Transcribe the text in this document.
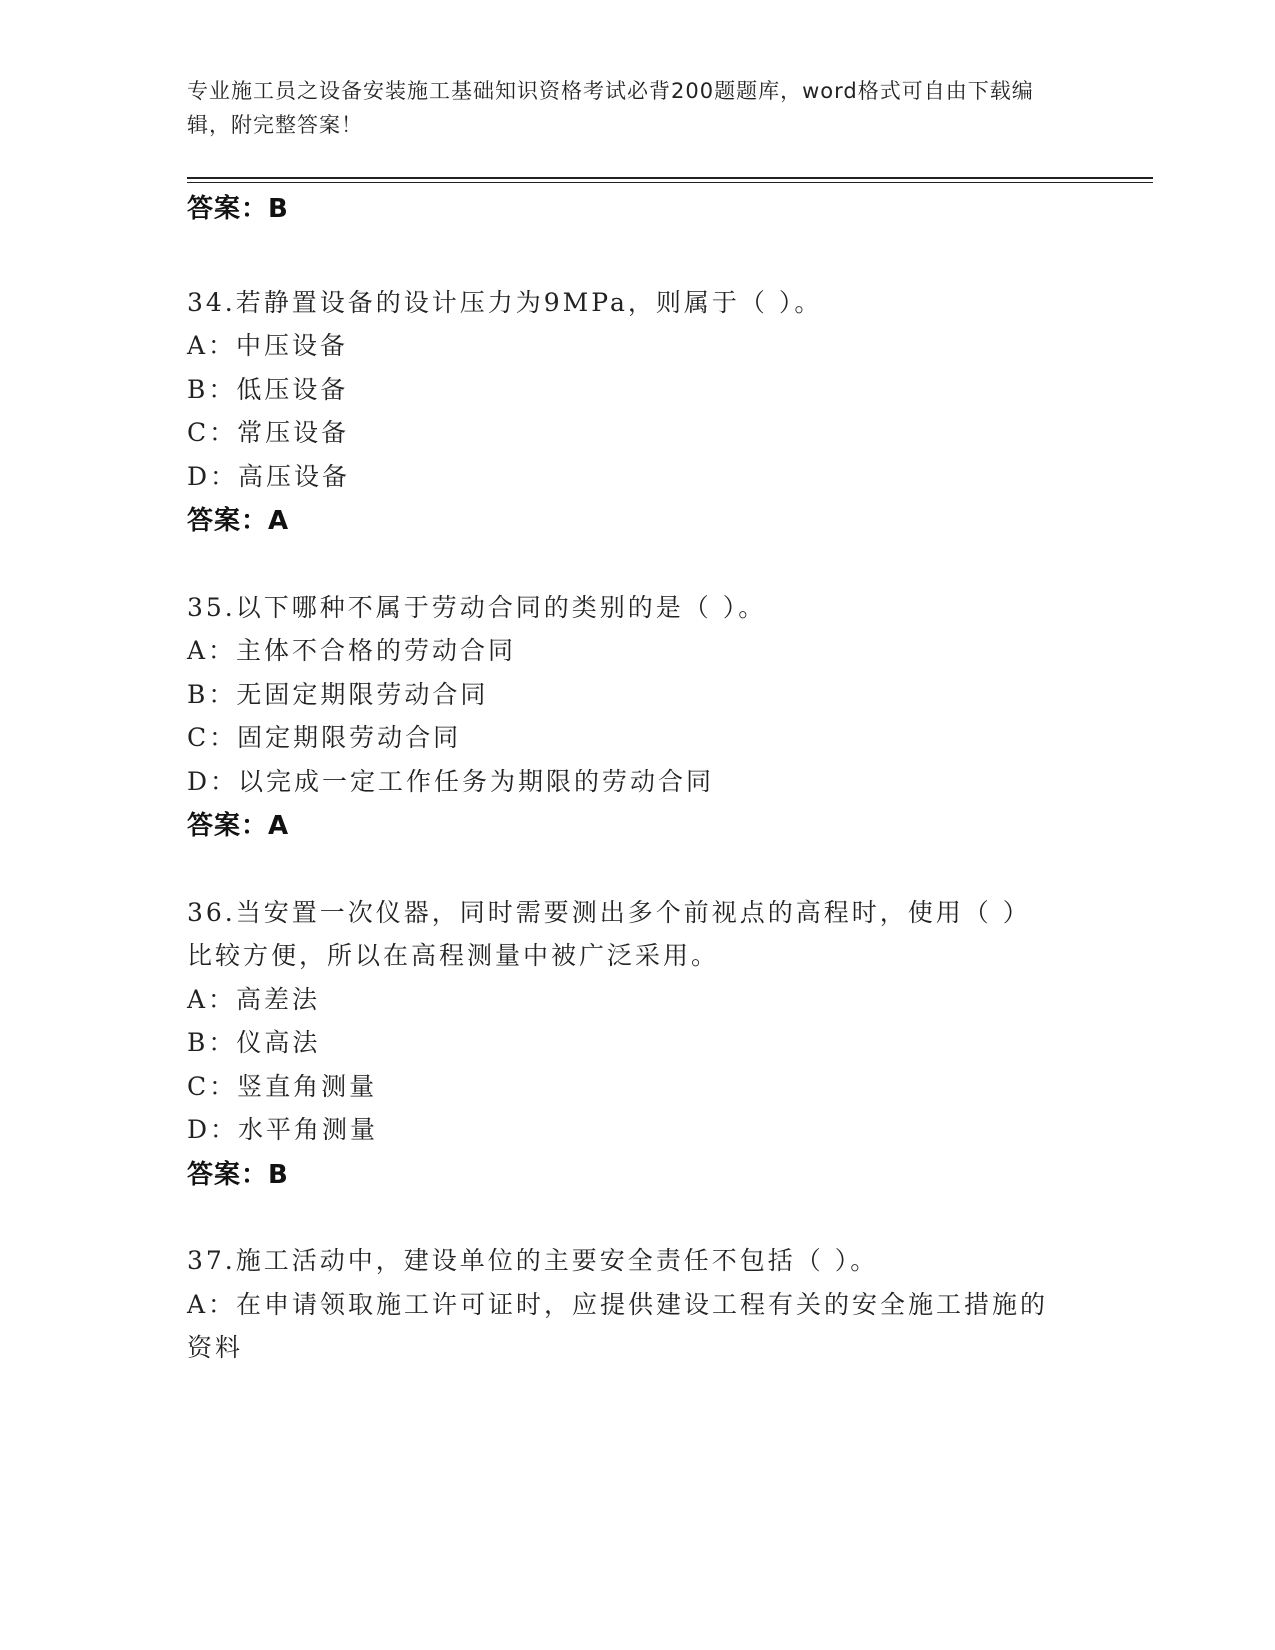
专业施工员之设备安装施工基础知识资格考试必背200题题库，word格式可自由下载编辑，附完整答案！
答案：B
34.若静置设备的设计压力为9MPa，则属于（ ）。
A：中压设备
B：低压设备
C：常压设备
D：高压设备
答案：A
35.以下哪种不属于劳动合同的类别的是（ ）。
A：主体不合格的劳动合同
B：无固定期限劳动合同
C：固定期限劳动合同
D：以完成一定工作任务为期限的劳动合同
答案：A
36.当安置一次仪器，同时需要测出多个前视点的高程时，使用（ ）
比较方便，所以在高程测量中被广泛采用。
A：高差法
B：仪高法
C：竖直角测量
D：水平角测量
答案：B
37.施工活动中，建设单位的主要安全责任不包括（ ）。
A：在申请领取施工许可证时，应提供建设工程有关的安全施工措施的
资料
